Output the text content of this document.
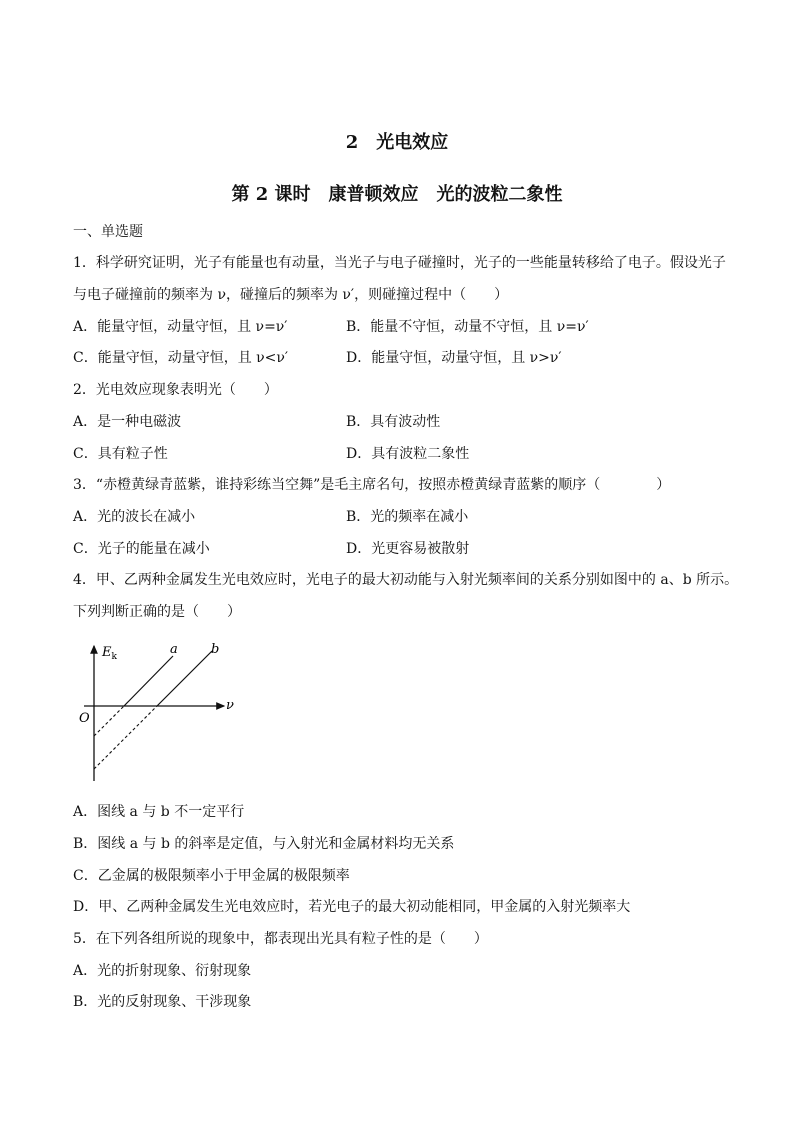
2　光电效应
第 2 课时　康普顿效应　光的波粒二象性
一、单选题
1．科学研究证明，光子有能量也有动量，当光子与电子碰撞时，光子的一些能量转移给了电子。假设光子
与电子碰撞前的频率为 ν，碰撞后的频率为 ν′，则碰撞过程中（　　）
A．能量守恒，动量守恒，且 ν=ν′	B．能量不守恒，动量不守恒，且 ν=ν′
C．能量守恒，动量守恒，且 ν<ν′	D．能量守恒，动量守恒，且 ν>ν′
2．光电效应现象表明光（　　）
A．是一种电磁波	B．具有波动性
C．具有粒子性	D．具有波粒二象性
3．“赤橙黄绿青蓝紫，谁持彩练当空舞”是毛主席名句，按照赤橙黄绿青蓝紫的顺序（　　　　）
A．光的波长在减小	B．光的频率在减小
C．光子的能量在减小	D．光更容易被散射
4．甲、乙两种金属发生光电效应时，光电子的最大初动能与入射光频率间的关系分别如图中的 a、b 所示。
下列判断正确的是（　　）
$E_k$
ν
O
a	b
A．图线 a 与 b 不一定平行
B．图线 a 与 b 的斜率是定值，与入射光和金属材料均无关系
C．乙金属的极限频率小于甲金属的极限频率
D．甲、乙两种金属发生光电效应时，若光电子的最大初动能相同，甲金属的入射光频率大
5．在下列各组所说的现象中，都表现出光具有粒子性的是（　　）
A．光的折射现象、衍射现象
B．光的反射现象、干涉现象
